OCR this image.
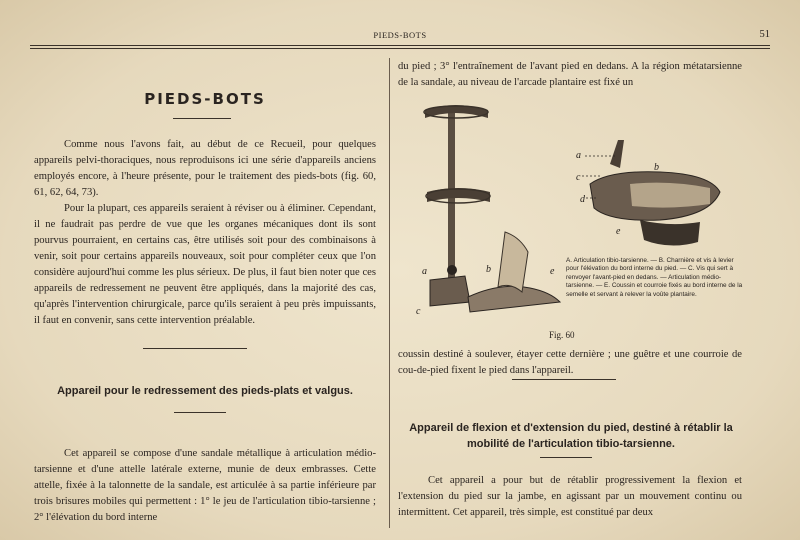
PIEDS-BOTS	51
PIEDS-BOTS

Comme nous l'avons fait, au début de ce Recueil, pour quelques appareils pelvi-thoraciques, nous reproduisons ici une série d'appareils anciens employés encore, à l'heure présente, pour le traitement des pieds-bots (fig. 60, 61, 62, 64, 73).

Pour la plupart, ces appareils seraient à réviser ou à éliminer. Cependant, il ne faudrait pas perdre de vue que les organes mécaniques dont ils sont pourvus pourraient, en certains cas, être utilisés soit pour des combinaisons à venir, soit pour certains appareils nouveaux, soit pour compléter ceux que l'on considère aujourd'hui comme les plus sérieux. De plus, il faut bien noter que ces appareils de redressement ne peuvent être appliqués, dans la majorité des cas, qu'après l'intervention chirurgicale, parce qu'ils seraient à peu près impuissants, il faut en convenir, sans cette intervention préalable.

Appareil pour le redressement des pieds-plats et valgus.

Cet appareil se compose d'une sandale métallique à articulation médio-tarsienne et d'une attelle latérale externe, munie de deux embrasses. Cette attelle, fixée à la talonnette de la sandale, est articulée à sa partie inférieure par trois brisures mobiles qui permettent : 1° le jeu de l'articulation tibio-tarsienne ; 2° l'élévation du bord interne

du pied ; 3° l'entraînement de l'avant pied en dedans. A la région métatarsienne de la sandale, au niveau de l'arcade plantaire est fixé un

a	b	e
c
a
b
c
d
e

A. Articulation tibio-tarsienne. — B. Charnière et vis à levier pour l'élévation du bord interne du pied. — C. Vis qui sert à renvoyer l'avant-pied en dedans. — Articulation médio-tarsienne. — E. Coussin et courroie fixés au bord interne de la semelle et servant à relever la voûte plantaire.

Fig. 60

coussin destiné à soulever, étayer cette dernière ; une guêtre et une courroie de cou-de-pied fixent le pied dans l'appareil.

Appareil de flexion et d'extension du pied, destiné à rétablir la mobilité de l'articulation tibio-tarsienne.

Cet appareil a pour but de rétablir progressivement la flexion et l'extension du pied sur la jambe, en agissant par un mouvement continu ou intermittent. Cet appareil, très simple, est constitué par deux
